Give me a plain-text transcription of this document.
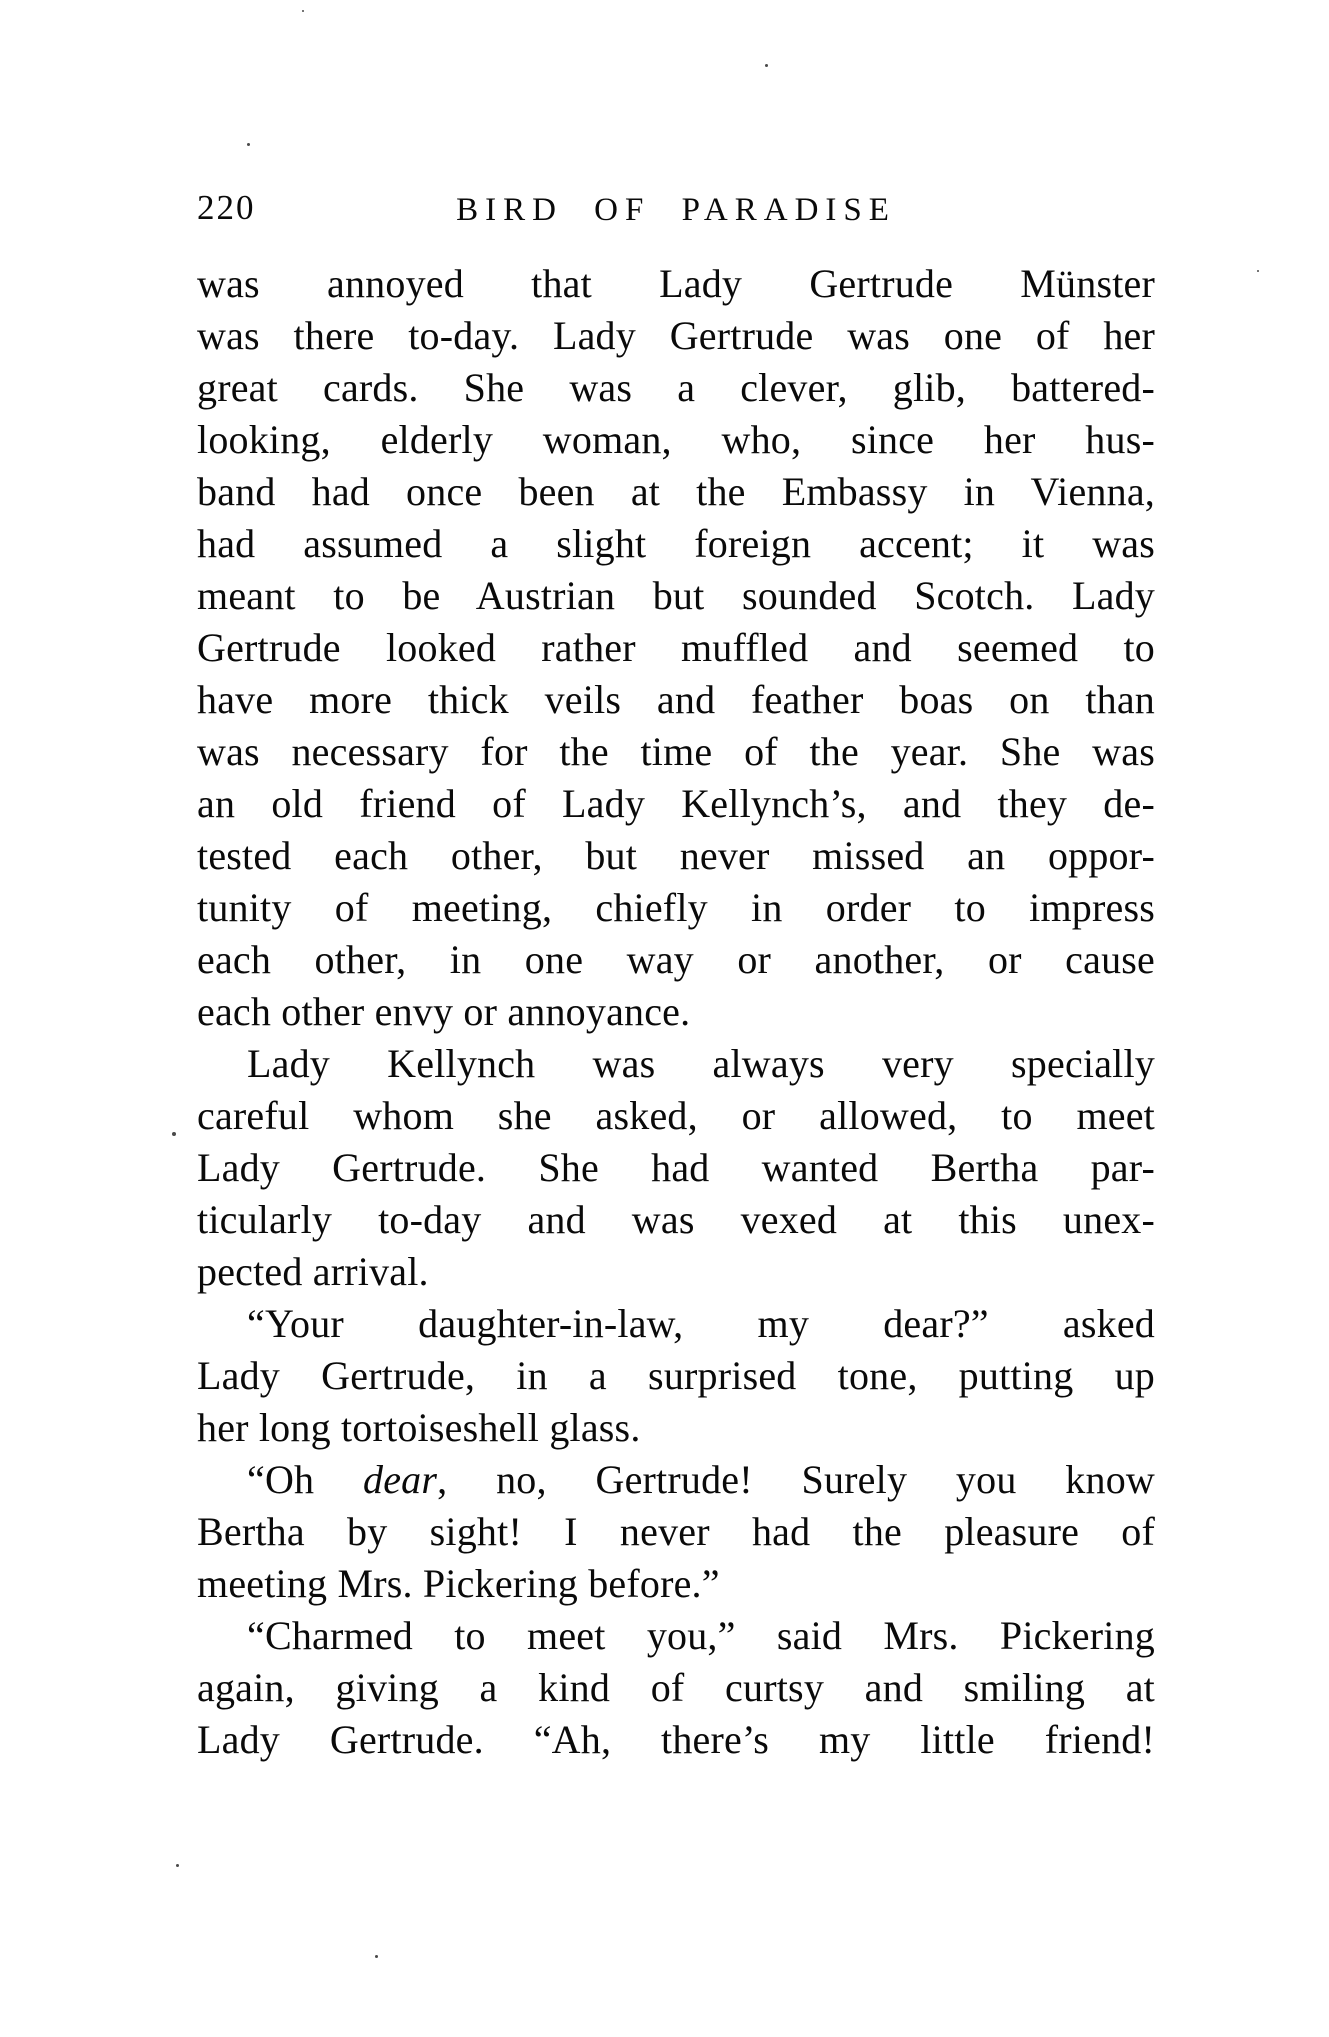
220	BIRD OF PARADISE
was annoyed that Lady Gertrude Münster
was there to-day. Lady Gertrude was one of her
great cards. She was a clever, glib, battered-
looking, elderly woman, who, since her hus-
band had once been at the Embassy in Vienna,
had assumed a slight foreign accent; it was
meant to be Austrian but sounded Scotch. Lady
Gertrude looked rather muffled and seemed to
have more thick veils and feather boas on than
was necessary for the time of the year. She was
an old friend of Lady Kellynch’s, and they de-
tested each other, but never missed an oppor-
tunity of meeting, chiefly in order to impress
each other, in one way or another, or cause
each other envy or annoyance.
Lady Kellynch was always very specially
careful whom she asked, or allowed, to meet
Lady Gertrude. She had wanted Bertha par-
ticularly to-day and was vexed at this unex-
pected arrival.
“Your daughter-in-law, my dear?” asked
Lady Gertrude, in a surprised tone, putting up
her long tortoiseshell glass.
“Oh dear, no, Gertrude! Surely you know
Bertha by sight! I never had the pleasure of
meeting Mrs. Pickering before.”
“Charmed to meet you,” said Mrs. Pickering
again, giving a kind of curtsy and smiling at
Lady Gertrude. “Ah, there’s my little friend!
